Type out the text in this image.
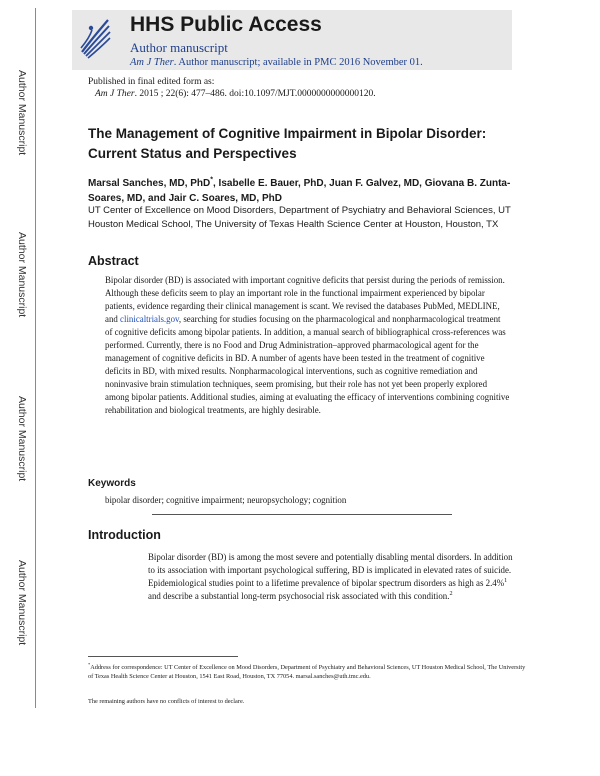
Author Manuscript
Author Manuscript
Author Manuscript
Author Manuscript
HHS Public Access
Author manuscript
Am J Ther. Author manuscript; available in PMC 2016 November 01.
Published in final edited form as:
Am J Ther. 2015 ; 22(6): 477–486. doi:10.1097/MJT.0000000000000120.
The Management of Cognitive Impairment in Bipolar Disorder: Current Status and Perspectives
Marsal Sanches, MD, PhD*, Isabelle E. Bauer, PhD, Juan F. Galvez, MD, Giovana B. Zunta-Soares, MD, and Jair C. Soares, MD, PhD
UT Center of Excellence on Mood Disorders, Department of Psychiatry and Behavioral Sciences, UT Houston Medical School, The University of Texas Health Science Center at Houston, Houston, TX
Abstract
Bipolar disorder (BD) is associated with important cognitive deficits that persist during the periods of remission. Although these deficits seem to play an important role in the functional impairment experienced by bipolar patients, evidence regarding their clinical management is scant. We revised the databases PubMed, MEDLINE, and clinicaltrials.gov, searching for studies focusing on the pharmacological and nonpharmacological treatment of cognitive deficits among bipolar patients. In addition, a manual search of bibliographical cross-references was performed. Currently, there is no Food and Drug Administration–approved pharmacological agent for the management of cognitive deficits in BD. A number of agents have been tested in the treatment of cognitive deficits in BD, with mixed results. Nonpharmacological interventions, such as cognitive remediation and noninvasive brain stimulation techniques, seem promising, but their role has not yet been properly explored among bipolar patients. Additional studies, aiming at evaluating the efficacy of interventions combining cognitive rehabilitation and biological treatments, are highly desirable.
Keywords
bipolar disorder; cognitive impairment; neuropsychology; cognition
Introduction
Bipolar disorder (BD) is among the most severe and potentially disabling mental disorders. In addition to its association with important psychological suffering, BD is implicated in elevated rates of suicide. Epidemiological studies point to a lifetime prevalence of bipolar spectrum disorders as high as 2.4%$^1$ and describe a substantial long-term psychosocial risk associated with this condition.$^2$
*Address for correspondence: UT Center of Excellence on Mood Disorders, Department of Psychiatry and Behavioral Sciences, UT Houston Medical School, The University of Texas Health Science Center at Houston, 1541 East Road, Houston, TX 77054. marsal.sanches@uth.tmc.edu.
The remaining authors have no conflicts of interest to declare.
